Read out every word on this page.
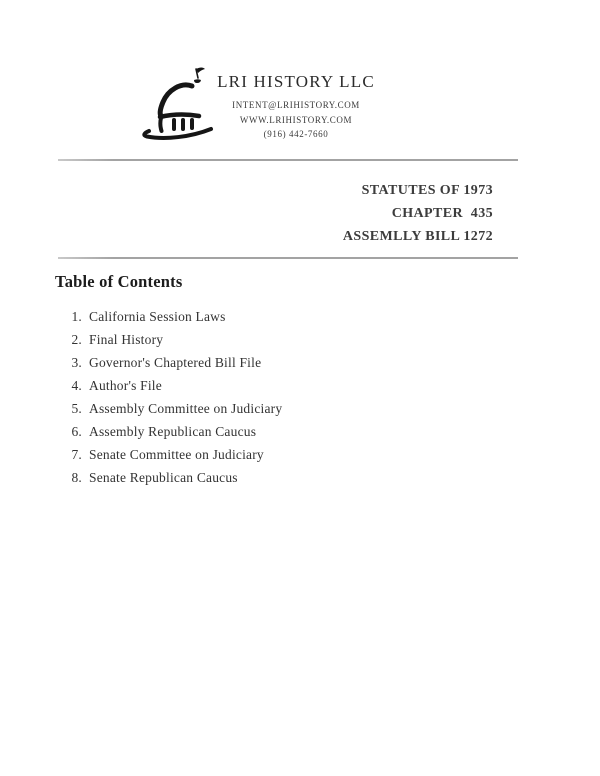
LRI HISTORY LLC
INTENT@LRIHISTORY.COM
WWW.LRIHISTORY.COM
(916) 442-7660
STATUTES OF 1973
CHAPTER  435
ASSEMLLY BILL 1272
Table of Contents
1. California Session Laws
2. Final History
3. Governor's Chaptered Bill File
4. Author's File
5. Assembly Committee on Judiciary
6. Assembly Republican Caucus
7. Senate Committee on Judiciary
8. Senate Republican Caucus
